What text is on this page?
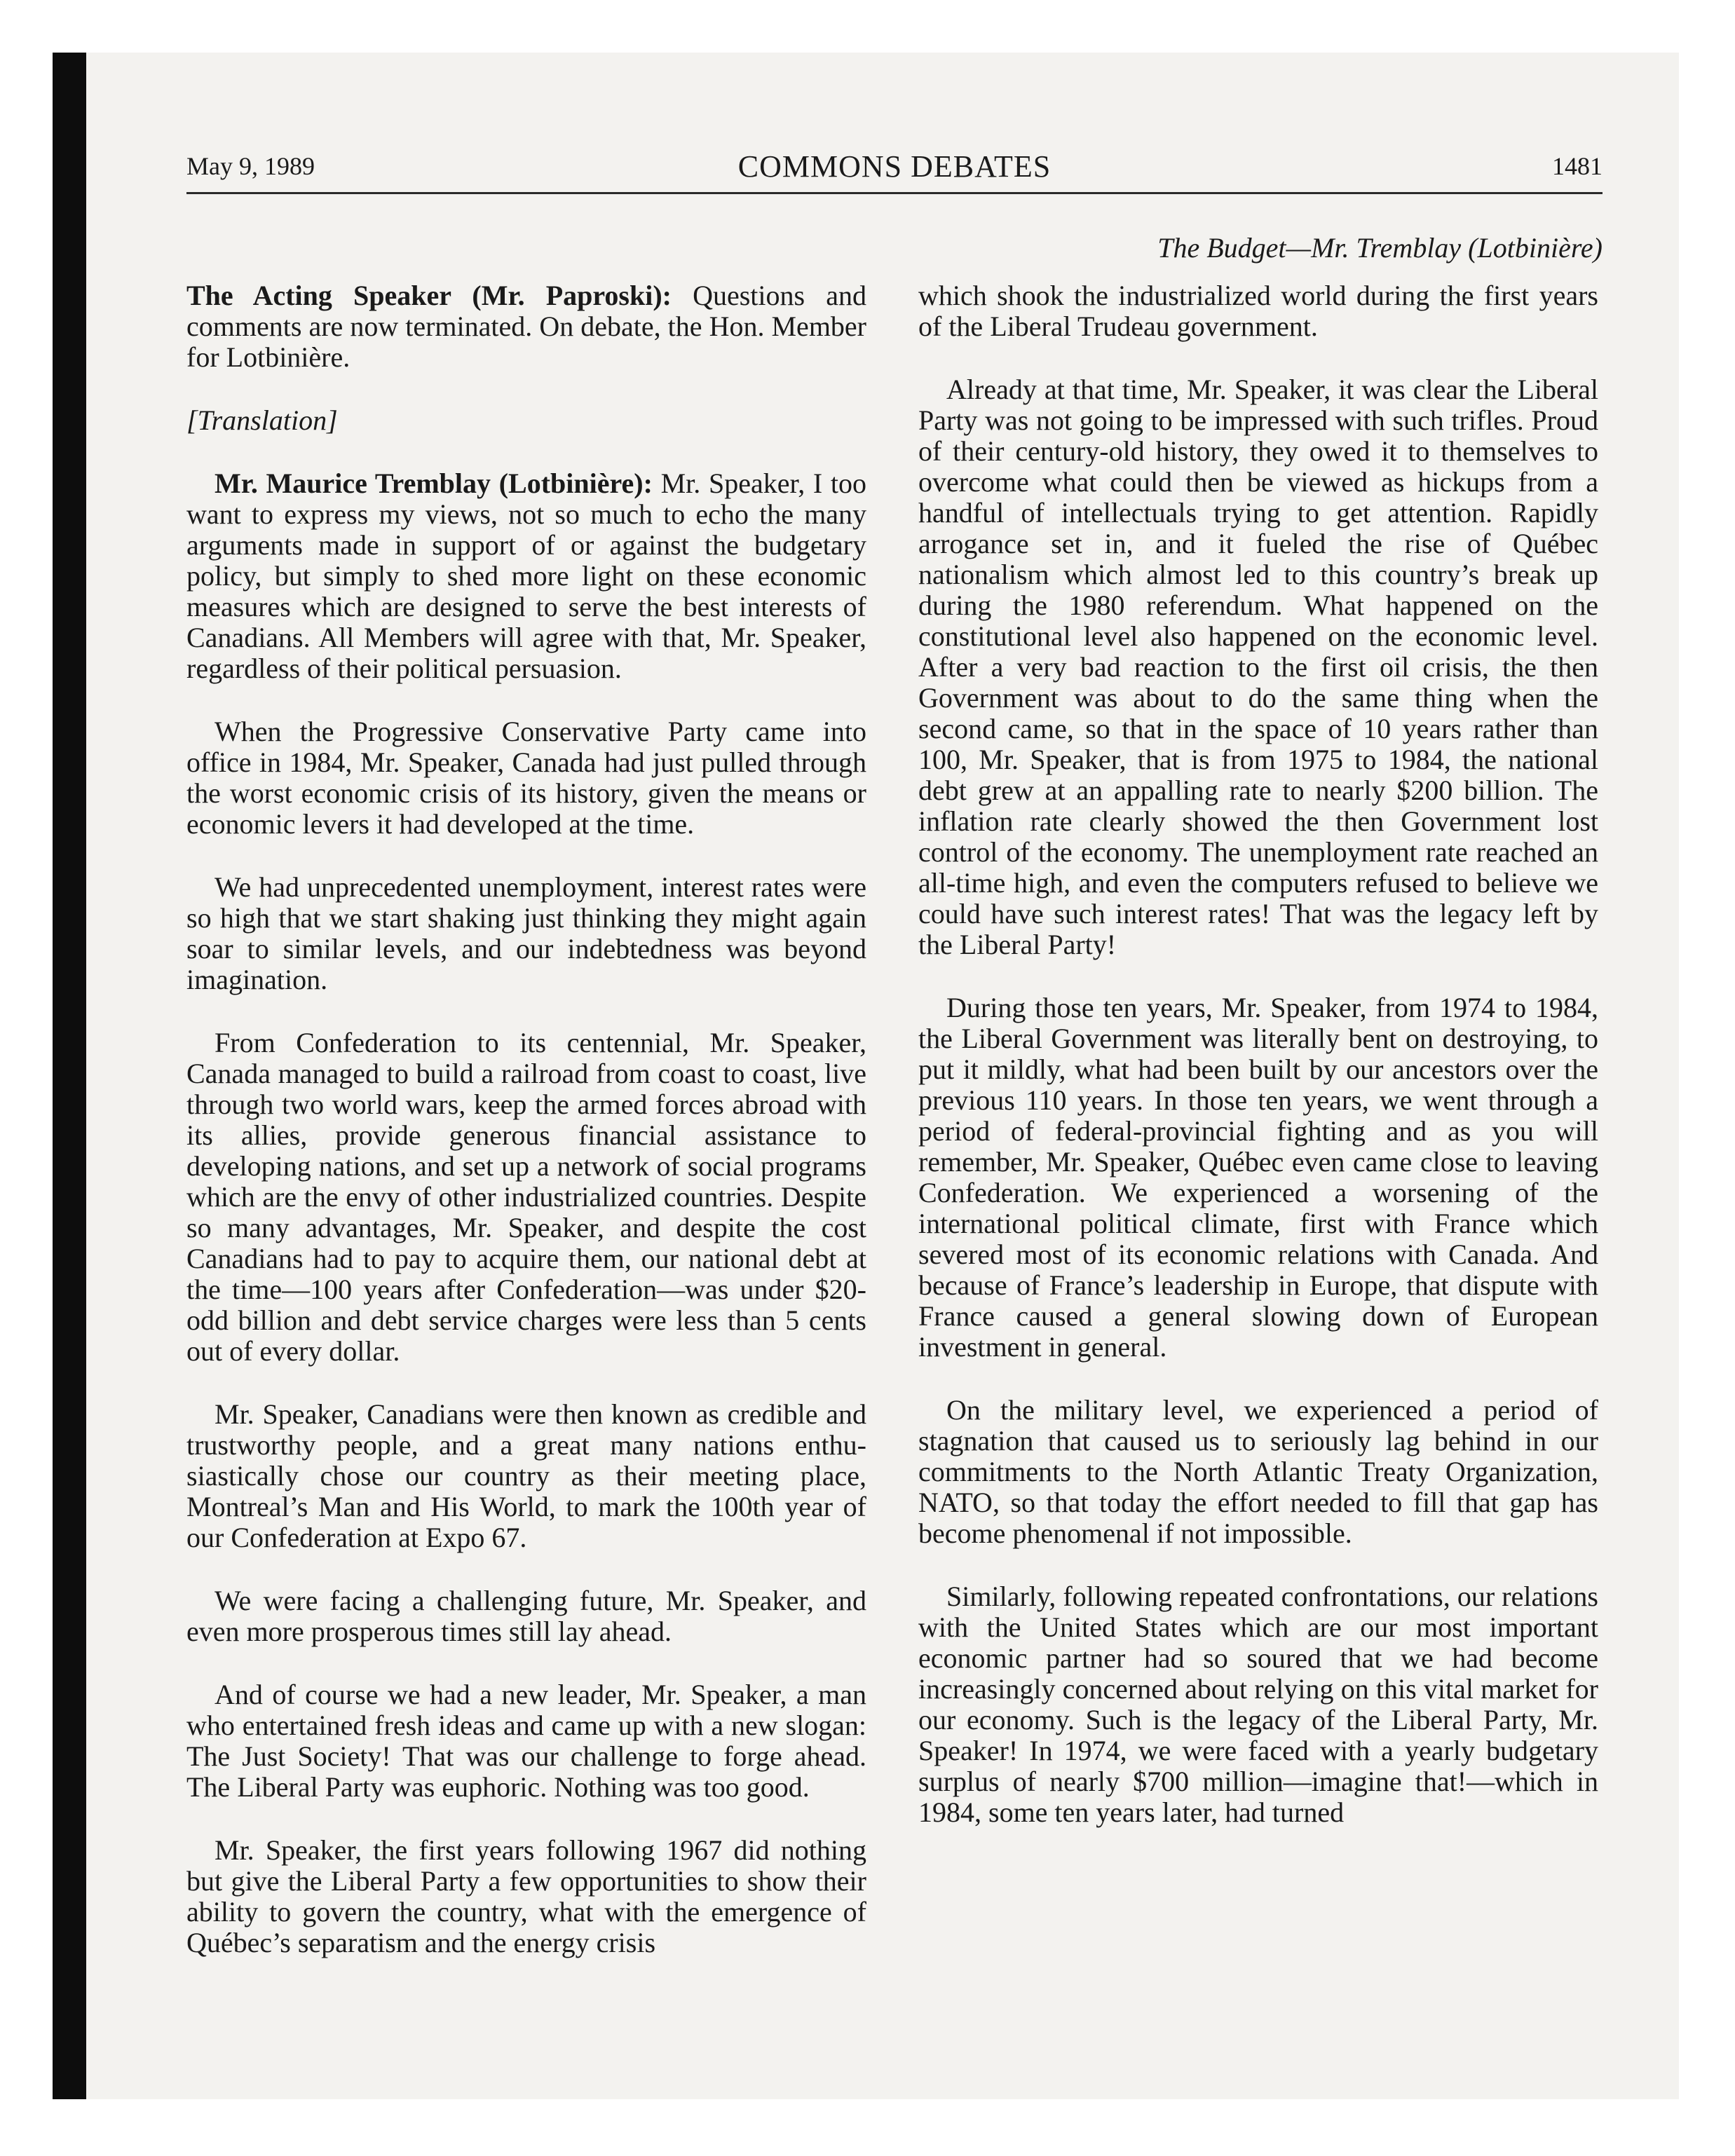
May 9, 1989	COMMONS DEBATES	1481
The Budget—Mr. Tremblay (Lotbinière)

The Acting Speaker (Mr. Paproski): Questions and comments are now terminated. On debate, the Hon. Member for Lotbinière.

[Translation]

Mr. Maurice Tremblay (Lotbinière): Mr. Speaker, I too want to express my views, not so much to echo the many arguments made in support of or against the budgetary policy, but simply to shed more light on these economic measures which are designed to serve the best interests of Canadians. All Members will agree with that, Mr. Speaker, regardless of their political persuasion.

When the Progressive Conservative Party came into office in 1984, Mr. Speaker, Canada had just pulled through the worst economic crisis of its history, given the means or economic levers it had developed at the time.

We had unprecedented unemployment, interest rates were so high that we start shaking just thinking they might again soar to similar levels, and our indebtedness was beyond imagination.

From Confederation to its centennial, Mr. Speaker, Canada managed to build a railroad from coast to coast, live through two world wars, keep the armed forces abroad with its allies, provide generous financial assistance to developing nations, and set up a network of social programs which are the envy of other industrialized countries. Despite so many advantages, Mr. Speaker, and despite the cost Canadians had to pay to acquire them, our national debt at the time—100 years after Confederation—was under $20-odd billion and debt service charges were less than 5 cents out of every dollar.

Mr. Speaker, Canadians were then known as credible and trustworthy people, and a great many nations enthusiastically chose our country as their meeting place, Montreal’s Man and His World, to mark the 100th year of our Confederation at Expo 67.

We were facing a challenging future, Mr. Speaker, and even more prosperous times still lay ahead.

And of course we had a new leader, Mr. Speaker, a man who entertained fresh ideas and came up with a new slogan: The Just Society! That was our challenge to forge ahead. The Liberal Party was euphoric. Nothing was too good.

Mr. Speaker, the first years following 1967 did nothing but give the Liberal Party a few opportunities to show their ability to govern the country, what with the emergence of Québec’s separatism and the energy crisis

which shook the industrialized world during the first years of the Liberal Trudeau government.

Already at that time, Mr. Speaker, it was clear the Liberal Party was not going to be impressed with such trifles. Proud of their century-old history, they owed it to themselves to overcome what could then be viewed as hickups from a handful of intellectuals trying to get attention. Rapidly arrogance set in, and it fueled the rise of Québec nationalism which almost led to this country’s break up during the 1980 referendum. What happened on the constitutional level also happened on the economic level. After a very bad reaction to the first oil crisis, the then Government was about to do the same thing when the second came, so that in the space of 10 years rather than 100, Mr. Speaker, that is from 1975 to 1984, the national debt grew at an appalling rate to nearly $200 billion. The inflation rate clearly showed the then Government lost control of the economy. The unemployment rate reached an all-time high, and even the computers refused to believe we could have such interest rates! That was the legacy left by the Liberal Party!

During those ten years, Mr. Speaker, from 1974 to 1984, the Liberal Government was literally bent on destroying, to put it mildly, what had been built by our ancestors over the previous 110 years. In those ten years, we went through a period of federal-provincial fighting and as you will remember, Mr. Speaker, Québec even came close to leaving Confederation. We experienced a worsening of the international political climate, first with France which severed most of its economic relations with Canada. And because of France’s leadership in Europe, that dispute with France caused a general slowing down of European investment in general.

On the military level, we experienced a period of stagnation that caused us to seriously lag behind in our commitments to the North Atlantic Treaty Organization, NATO, so that today the effort needed to fill that gap has become phenomenal if not impossible.

Similarly, following repeated confrontations, our relations with the United States which are our most important economic partner had so soured that we had become increasingly concerned about relying on this vital market for our economy. Such is the legacy of the Liberal Party, Mr. Speaker! In 1974, we were faced with a yearly budgetary surplus of nearly $700 million—imagine that!—which in 1984, some ten years later, had turned
